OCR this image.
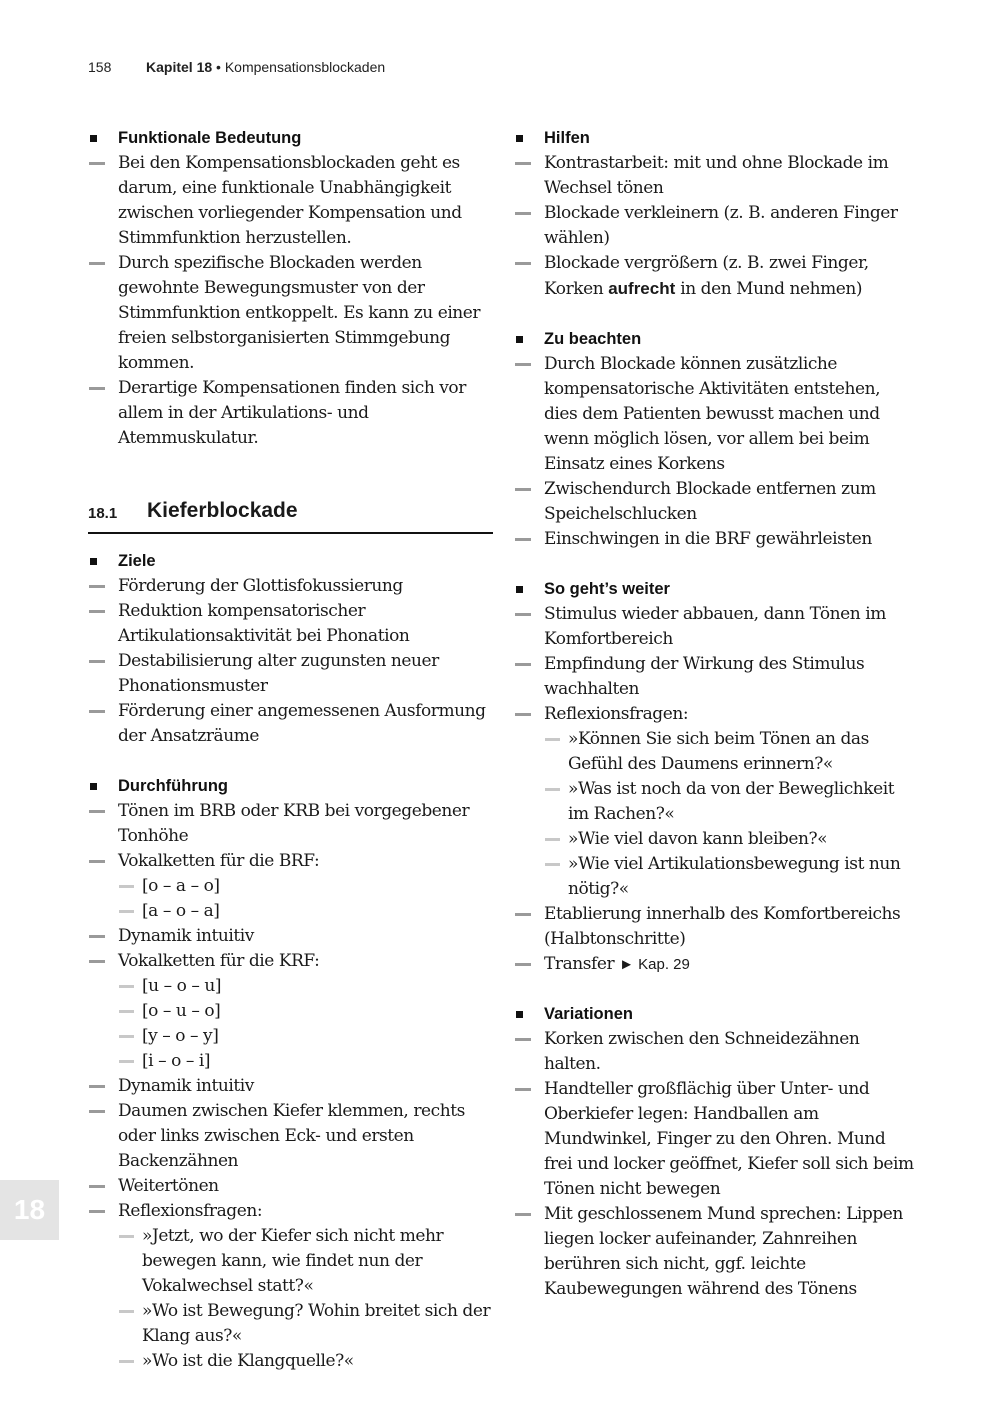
158 Kapitel 18 • Kompensationsblockaden
18
Funktionale Bedeutung
Bei den Kompensationsblockaden geht es darum, eine funktionale Unabhängigkeit zwischen vorliegender Kompensation und Stimmfunktion herzustellen.
Durch spezifische Blockaden werden gewohnte Bewegungsmuster von der Stimmfunktion entkoppelt. Es kann zu einer freien selbstorganisierten Stimmgebung kommen.
Derartige Kompensationen finden sich vor allem in der Artikulations- und Atemmuskulatur.
18.1 Kieferblockade
Ziele
Förderung der Glottisfokussierung
Reduktion kompensatorischer Artikulationsaktivität bei Phonation
Destabilisierung alter zugunsten neuer Phonationsmuster
Förderung einer angemessenen Ausformung der Ansatzräume
Durchführung
Tönen im BRB oder KRB bei vorgegebener Tonhöhe
Vokalketten für die BRF:
[o – a – o]
[a – o – a]
Dynamik intuitiv
Vokalketten für die KRF:
[u – o – u]
[o – u – o]
[y – o – y]
[i – o – i]
Dynamik intuitiv
Daumen zwischen Kiefer klemmen, rechts oder links zwischen Eck- und ersten Backenzähnen
Weitertönen
Reflexionsfragen:
»Jetzt, wo der Kiefer sich nicht mehr bewegen kann, wie findet nun der Vokalwechsel statt?«
»Wo ist Bewegung? Wohin breitet sich der Klang aus?«
»Wo ist die Klangquelle?«
Hilfen
Kontrastarbeit: mit und ohne Blockade im Wechsel tönen
Blockade verkleinern (z. B. anderen Finger wählen)
Blockade vergrößern (z. B. zwei Finger, Korken aufrecht in den Mund nehmen)
Zu beachten
Durch Blockade können zusätzliche kompensatorische Aktivitäten entstehen, dies dem Patienten bewusst machen und wenn möglich lösen, vor allem bei beim Einsatz eines Korkens
Zwischendurch Blockade entfernen zum Speichelschlucken
Einschwingen in die BRF gewährleisten
So geht’s weiter
Stimulus wieder abbauen, dann Tönen im Komfortbereich
Empfindung der Wirkung des Stimulus wachhalten
Reflexionsfragen:
»Können Sie sich beim Tönen an das Gefühl des Daumens erinnern?«
»Was ist noch da von der Beweglichkeit im Rachen?«
»Wie viel davon kann bleiben?«
»Wie viel Artikulationsbewegung ist nun nötig?«
Etablierung innerhalb des Komfortbereichs (Halbtonschritte)
Transfer ► Kap. 29
Variationen
Korken zwischen den Schneidezähnen halten.
Handteller großflächig über Unter- und Oberkiefer legen: Handballen am Mundwinkel, Finger zu den Ohren. Mund frei und locker geöffnet, Kiefer soll sich beim Tönen nicht bewegen
Mit geschlossenem Mund sprechen: Lippen liegen locker aufeinander, Zahnreihen berühren sich nicht, ggf. leichte Kaubewegungen während des Tönens
